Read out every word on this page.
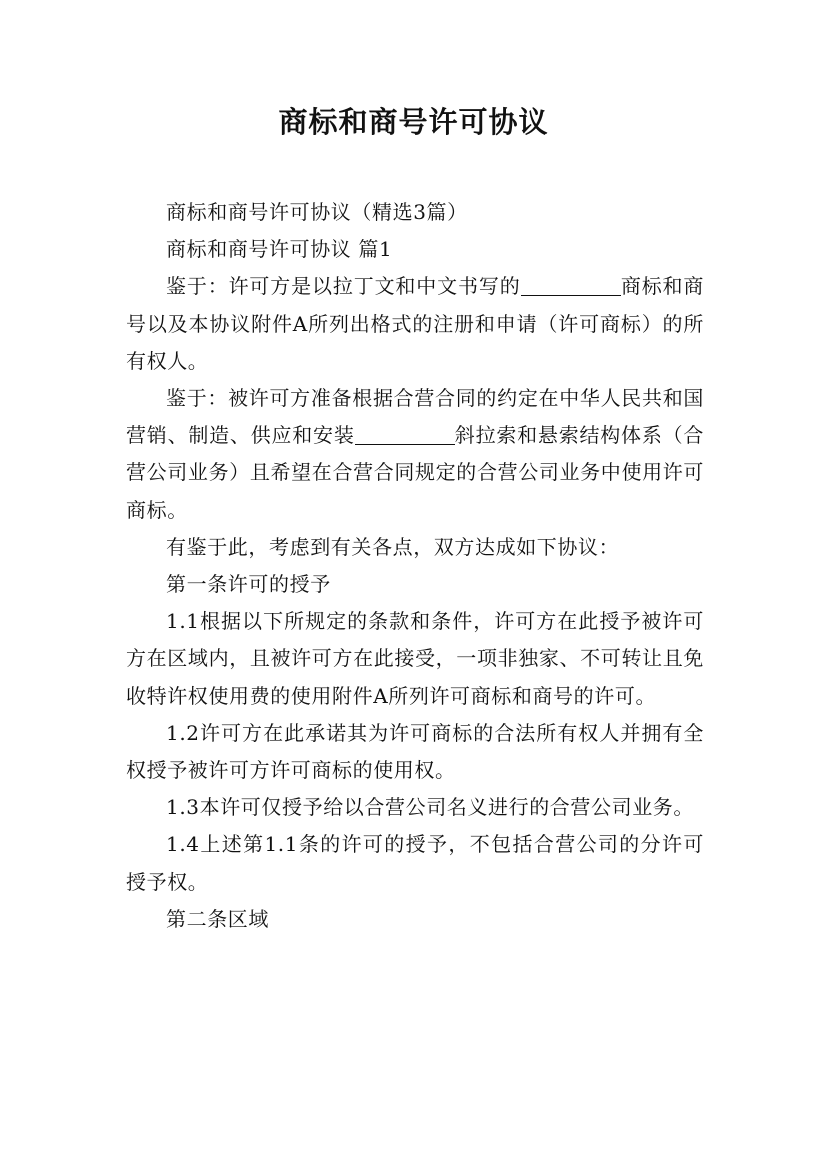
商标和商号许可协议

商标和商号许可协议（精选3篇）

商标和商号许可协议 篇1

鉴于：许可方是以拉丁文和中文书写的	商标和商号以及本协议附件A所列出格式的注册和申请（许可商标）的所有权人。

鉴于：被许可方准备根据合营合同的约定在中华人民共和国营销、制造、供应和安装	斜拉索和悬索结构体系（合营公司业务）且希望在合营合同规定的合营公司业务中使用许可商标。

有鉴于此，考虑到有关各点，双方达成如下协议：

第一条许可的授予

1.1根据以下所规定的条款和条件，许可方在此授予被许可方在区域内，且被许可方在此接受，一项非独家、不可转让且免收特许权使用费的使用附件A所列许可商标和商号的许可。

1.2许可方在此承诺其为许可商标的合法所有权人并拥有全权授予被许可方许可商标的使用权。

1.3本许可仅授予给以合营公司名义进行的合营公司业务。

1.4上述第1.1条的许可的授予，不包括合营公司的分许可授予权。

第二条区域
